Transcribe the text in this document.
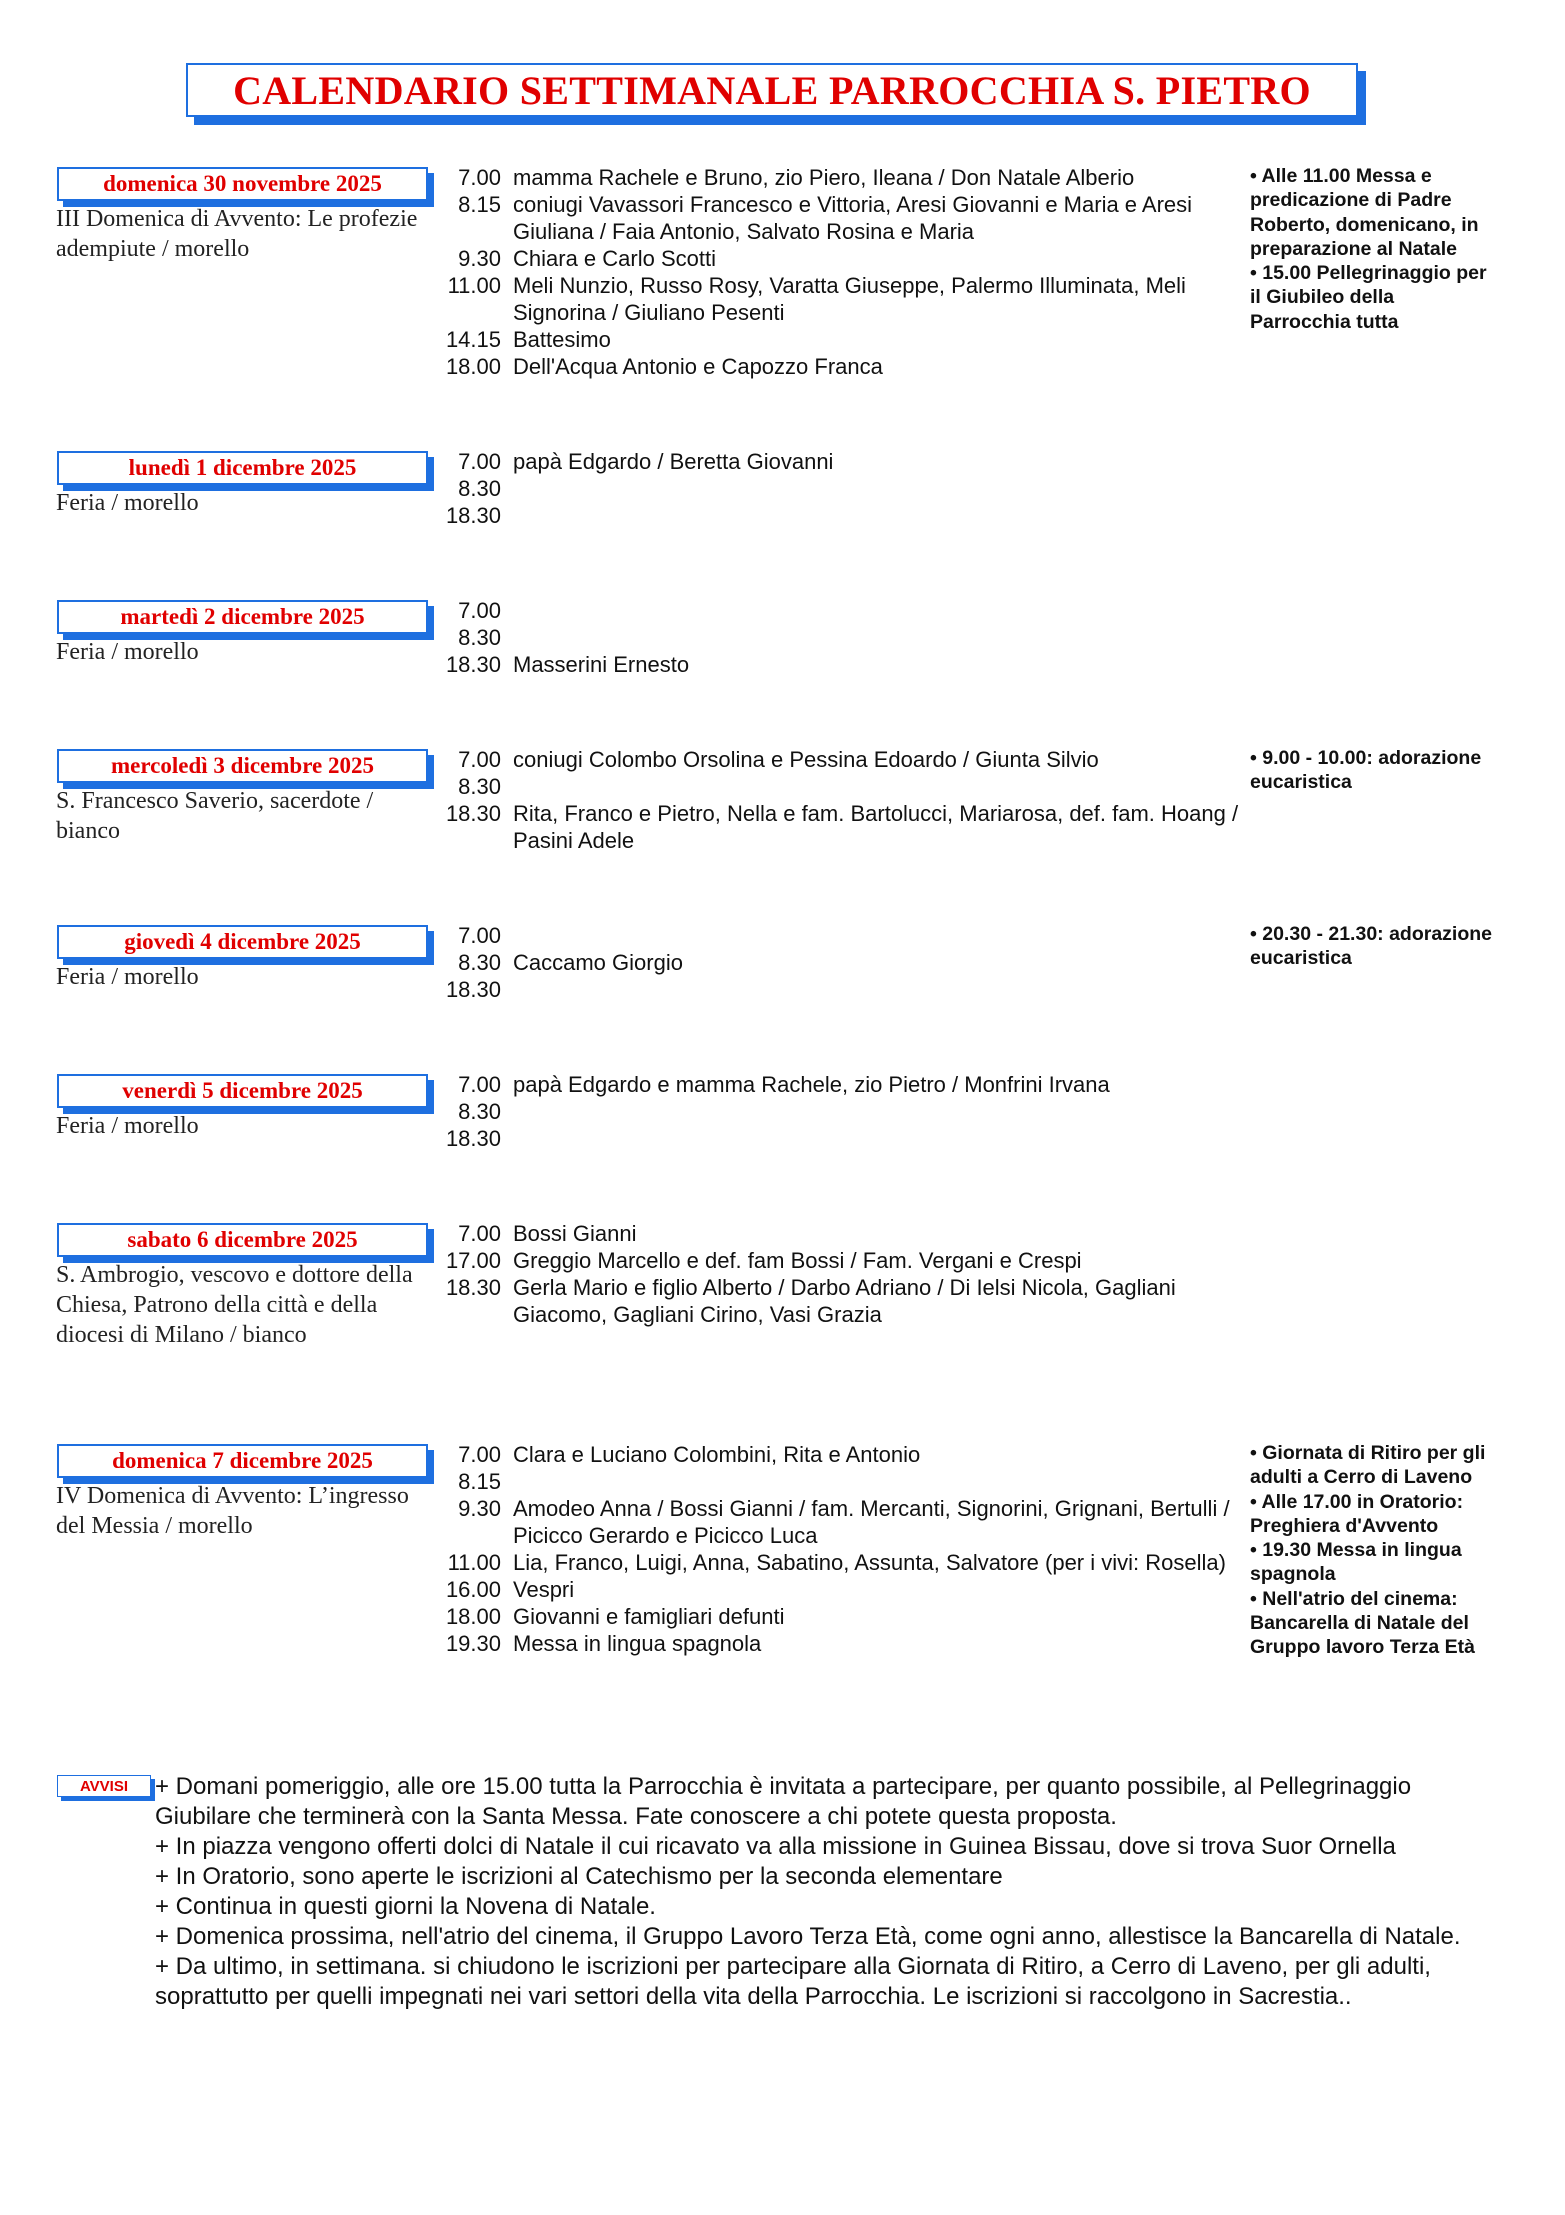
CALENDARIO SETTIMANALE PARROCCHIA S. PIETRO
domenica 30 novembre 2025
III Domenica di Avvento: Le profezie adempiute / morello
7.00 mamma Rachele e Bruno, zio Piero, Ileana / Don Natale Alberio
8.15 coniugi Vavassori Francesco e Vittoria, Aresi Giovanni e Maria e Aresi Giuliana / Faia Antonio, Salvato Rosina e Maria
9.30 Chiara e Carlo Scotti
11.00 Meli Nunzio, Russo Rosy, Varatta Giuseppe, Palermo Illuminata, Meli Signorina / Giuliano Pesenti
14.15 Battesimo
18.00 Dell'Acqua Antonio e Capozzo Franca
• Alle 11.00 Messa e predicazione di Padre Roberto, domenicano, in preparazione al Natale
• 15.00 Pellegrinaggio per il Giubileo della Parrocchia tutta
lunedì 1 dicembre 2025
Feria / morello
7.00 papà Edgardo / Beretta Giovanni
8.30
18.30
martedì 2 dicembre 2025
Feria / morello
7.00
8.30
18.30 Masserini Ernesto
mercoledì 3 dicembre 2025
S. Francesco Saverio, sacerdote / bianco
7.00 coniugi Colombo Orsolina e Pessina Edoardo / Giunta Silvio
8.30
18.30 Rita, Franco e Pietro, Nella e fam. Bartolucci, Mariarosa, def. fam. Hoang / Pasini Adele
• 9.00 - 10.00: adorazione eucaristica
giovedì 4 dicembre 2025
Feria / morello
7.00
8.30 Caccamo Giorgio
18.30
• 20.30 - 21.30: adorazione eucaristica
venerdì 5 dicembre 2025
Feria / morello
7.00 papà Edgardo e mamma Rachele, zio Pietro / Monfrini Irvana
8.30
18.30
sabato 6 dicembre 2025
S. Ambrogio, vescovo e dottore della Chiesa, Patrono della città e della diocesi di Milano / bianco
7.00 Bossi Gianni
17.00 Greggio Marcello e def. fam Bossi / Fam. Vergani e Crespi
18.30 Gerla Mario e figlio Alberto / Darbo Adriano / Di Ielsi Nicola, Gagliani Giacomo, Gagliani Cirino, Vasi Grazia
domenica 7 dicembre 2025
IV Domenica di Avvento: L’ingresso del Messia / morello
7.00 Clara e Luciano Colombini, Rita e Antonio
8.15
9.30 Amodeo Anna / Bossi Gianni / fam. Mercanti, Signorini, Grignani, Bertulli / Picicco Gerardo e Picicco Luca
11.00 Lia, Franco, Luigi, Anna, Sabatino, Assunta, Salvatore (per i vivi: Rosella)
16.00 Vespri
18.00 Giovanni e famigliari defunti
19.30 Messa in lingua spagnola
• Giornata di Ritiro per gli adulti a Cerro di Laveno
• Alle 17.00 in Oratorio: Preghiera d'Avvento
• 19.30 Messa in lingua spagnola
• Nell'atrio del cinema: Bancarella di Natale del Gruppo lavoro Terza Età
AVVISI + Domani pomeriggio, alle ore 15.00 tutta la Parrocchia è invitata a partecipare, per quanto possibile, al Pellegrinaggio Giubilare che terminerà con la Santa Messa. Fate conoscere a chi potete questa proposta.

+ In piazza vengono offerti dolci di Natale il cui ricavato va alla missione in Guinea Bissau, dove si trova Suor Ornella

+ In Oratorio, sono aperte le iscrizioni al Catechismo per la seconda elementare

+ Continua in questi giorni la Novena di Natale.

+ Domenica prossima, nell'atrio del cinema, il Gruppo Lavoro Terza Età, come ogni anno, allestisce la Bancarella di Natale.

+ Da ultimo, in settimana. si chiudono le iscrizioni per partecipare alla Giornata di Ritiro, a Cerro di Laveno, per gli adulti, soprattutto per quelli impegnati nei vari settori della vita della Parrocchia. Le iscrizioni si raccolgono in Sacrestia..
